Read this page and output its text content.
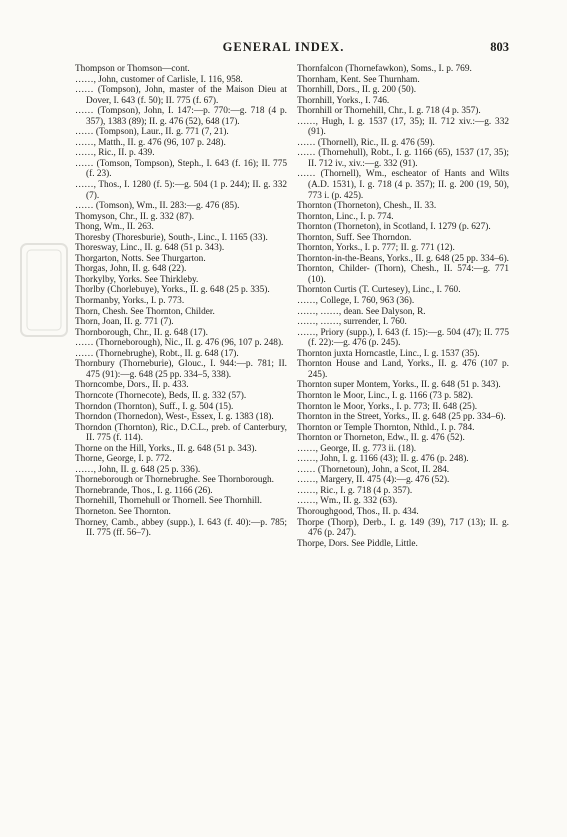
GENERAL INDEX.	803

Thompson or Thomson—cont.

……, John, customer of Carlisle, I. 116, 958.

…… (Tompson), John, master of the Maison Dieu at Dover, I. 643 (f. 50); II. 775 (f. 67).

…… (Tompson), John, I. 147:—p. 770:—g. 718 (4 p. 357), 1383 (89); II. g. 476 (52), 648 (17).

…… (Tompson), Laur., II. g. 771 (7, 21).

……, Matth., II. g. 476 (96, 107 p. 248).

……, Ric., II. p. 439.

…… (Tomson, Tompson), Steph., I. 643 (f. 16); II. 775 (f. 23).

……, Thos., I. 1280 (f. 5):—g. 504 (1 p. 244); II. g. 332 (7).

…… (Tomson), Wm., II. 283:—g. 476 (85).

Thomyson, Chr., II. g. 332 (87).

Thong, Wm., II. 263.

Thoresby (Thoresburie), South-, Linc., I. 1165 (33).

Thoresway, Linc., II. g. 648 (51 p. 343).

Thorgarton, Notts. See Thurgarton.

Thorgas, John, II. g. 648 (22).

Thorkylby, Yorks. See Thirkleby.

Thorlby (Chorlebuye), Yorks., II. g. 648 (25 p. 335).

Thormanby, Yorks., I. p. 773.

Thorn, Chesh. See Thornton, Childer.

Thorn, Joan, II. g. 771 (7).

Thornborough, Chr., II. g. 648 (17).

…… (Thorneborough), Nic., II. g. 476 (96, 107 p. 248).

…… (Thornebrughe), Robt., II. g. 648 (17).

Thornbury (Thorneburie), Glouc., I. 944:—p. 781; II. 475 (91):—g. 648 (25 pp. 334–5, 338).

Thorncombe, Dors., II. p. 433.

Thorncote (Thornecote), Beds, II. g. 332 (57).

Thorndon (Thornton), Suff., I. g. 504 (15).

Thorndon (Thornedon), West-, Essex, I. g. 1383 (18).

Thorndon (Thornton), Ric., D.C.L., preb. of Canterbury, II. 775 (f. 114).

Thorne on the Hill, Yorks., II. g. 648 (51 p. 343).

Thorne, George, I. p. 772.

……, John, II. g. 648 (25 p. 336).

Thorneborough or Thornebrughe. See Thornborough.

Thornebrande, Thos., I. g. 1166 (26).

Thornehill, Thornehull or Thornell. See Thornhill.

Thorneton. See Thornton.

Thorney, Camb., abbey (supp.), I. 643 (f. 40):—p. 785; II. 775 (ff. 56–7).

Thornfalcon (Thornefawkon), Soms., I. p. 769.

Thornham, Kent. See Thurnham.

Thornhill, Dors., II. g. 200 (50).

Thornhill, Yorks., I. 746.

Thornhill or Thornehill, Chr., I. g. 718 (4 p. 357).

……, Hugh, I. g. 1537 (17, 35); II. 712 xiv.:—g. 332 (91).

…… (Thornell), Ric., II. g. 476 (59).

…… (Thornehull), Robt., I. g. 1166 (65), 1537 (17, 35); II. 712 iv., xiv.:—g. 332 (91).

…… (Thornell), Wm., escheator of Hants and Wilts (A.D. 1531), I. g. 718 (4 p. 357); II. g. 200 (19, 50), 773 i. (p. 425).

Thornton (Thorneton), Chesh., II. 33.

Thornton, Linc., I. p. 774.

Thornton (Thorneton), in Scotland, I. 1279 (p. 627).

Thornton, Suff. See Thorndon.

Thornton, Yorks., I. p. 777; II. g. 771 (12).

Thornton-in-the-Beans, Yorks., II. g. 648 (25 pp. 334–6).

Thornton, Childer- (Thorn), Chesh., II. 574:—g. 771 (10).

Thornton Curtis (T. Curtesey), Linc., I. 760.

……, College, I. 760, 963 (36).

……, ……, dean. See Dalyson, R.

……, ……, surrender, I. 760.

……, Priory (supp.), I. 643 (f. 15):—g. 504 (47); II. 775 (f. 22):—g. 476 (p. 245).

Thornton juxta Horncastle, Linc., I. g. 1537 (35).

Thornton House and Land, Yorks., II. g. 476 (107 p. 245).

Thornton super Montem, Yorks., II. g. 648 (51 p. 343).

Thornton le Moor, Linc., I. g. 1166 (73 p. 582).

Thornton le Moor, Yorks., I. p. 773; II. 648 (25).

Thornton in the Street, Yorks., II. g. 648 (25 pp. 334–6).

Thornton or Temple Thornton, Nthld., I. p. 784.

Thornton or Thorneton, Edw., II. g. 476 (52).

……, George, II. g. 773 ii. (18).

……, John, I. g. 1166 (43); II. g. 476 (p. 248).

…… (Thornetoun), John, a Scot, II. 284.

……, Margery, II. 475 (4):—g. 476 (52).

……, Ric., I. g. 718 (4 p. 357).

……, Wm., II. g. 332 (63).

Thoroughgood, Thos., II. p. 434.

Thorpe (Thorp), Derb., I. g. 149 (39), 717 (13); II. g. 476 (p. 247).

Thorpe, Dors. See Piddle, Little.
